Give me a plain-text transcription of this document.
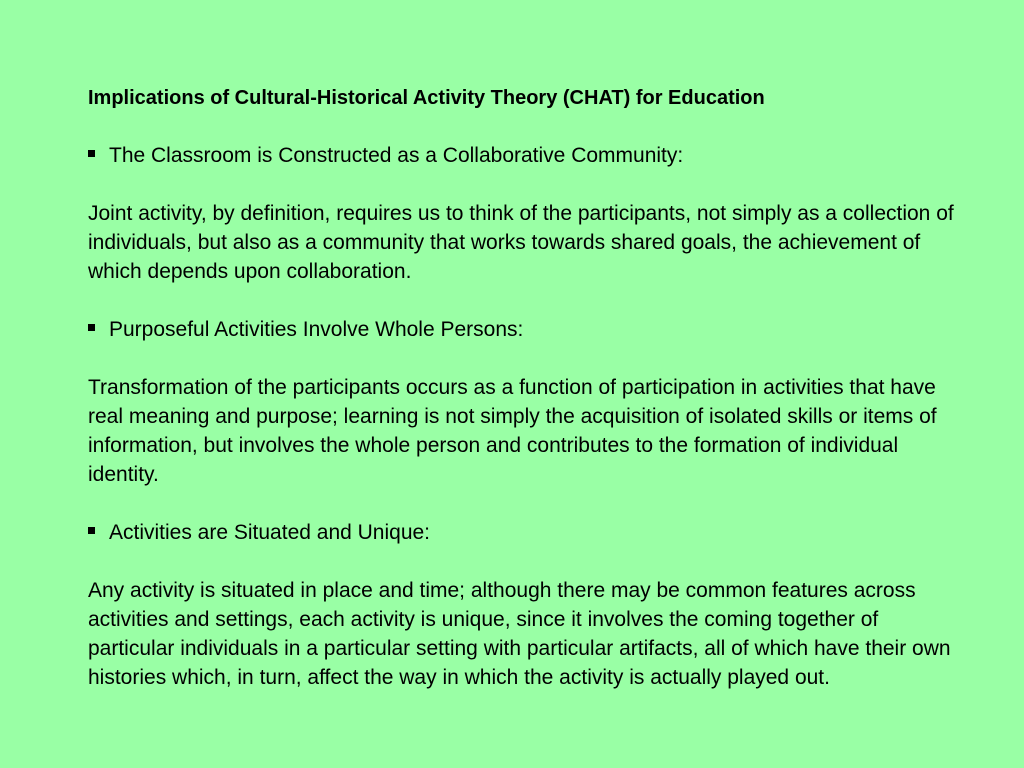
Implications of Cultural-Historical Activity Theory (CHAT) for Education
The Classroom is Constructed as a Collaborative Community:
Joint activity, by definition, requires us to think of the participants, not simply as a collection of individuals, but also as a community that works towards shared goals, the achievement of which depends upon collaboration.
Purposeful Activities Involve Whole Persons:
Transformation of the participants occurs as a function of participation in activities that have real meaning and purpose; learning is not simply the acquisition of isolated skills or items of information, but involves the whole person and contributes to the formation of individual identity.
Activities are Situated and Unique:
Any activity is situated in place and time; although there may be common features across activities and settings, each activity is unique, since it involves the coming together of particular individuals in a particular setting with particular artifacts, all of which have their own histories which, in turn, affect the way in which the activity is actually played out.
